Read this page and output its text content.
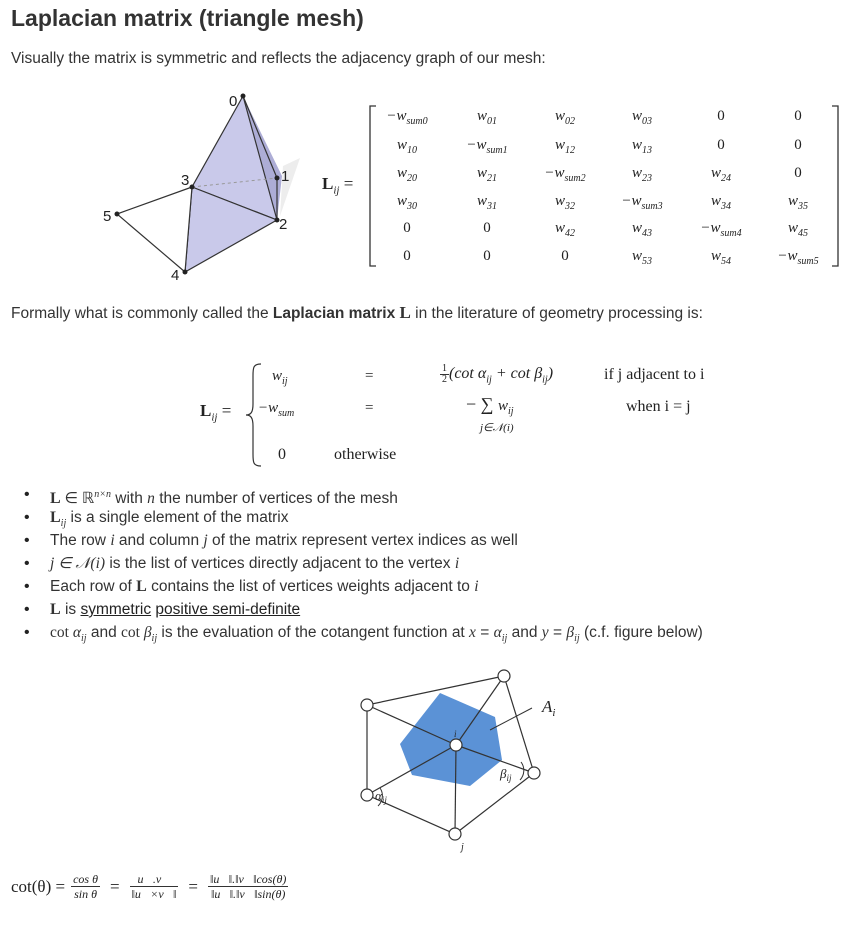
Laplacian matrix (triangle mesh)
Visually the matrix is symmetric and reflects the adjacency graph of our mesh:
0
1
2
3
4
5
$L_{ij}$ =
$-w_{sum0}$	$w_{01}$	$w_{02}$	$w_{03}$	0	0
$w_{10}$	$-w_{sum1}$	$w_{12}$	$w_{13}$	0	0
$w_{20}$	$w_{21}$	$-w_{sum2}$	$w_{23}$	$w_{24}$	0
$w_{30}$	$w_{31}$	$w_{32}$	$-w_{sum3}$	$w_{34}$	$w_{35}$
0	0	$w_{42}$	$w_{43}$	$-w_{sum4}$	$w_{45}$
0	0	0	$w_{53}$	$w_{54}$	$-w_{sum5}$
Formally what is commonly called the Laplacian matrix L in the literature of geometry processing is:
$L_{ij}$ =
$w_{ij}$	=	$\frac{1}{2} (\cot$ $\alpha_{ij} + \cot \beta_{ij}$)	if j adjacent to i
$-w_{sum}$	=	− ∑ $w_{ij}$
j∈𝒩(i)
when i = j
0	otherwise
• L ∈ ℝ$^{n\times n}$ with n the number of vertices of the mesh
• $L_{ij}$ is a single element of the matrix
• The row i and column j of the matrix represent vertex indices as well
• j ∈ 𝒩(i) is the list of vertices directly adjacent to the vertex i
• Each row of L contains the list of vertices weights adjacent to i
• L is symmetric positive semi-definite
• $\cot \alpha_{ij}$ and $\cot \beta_{ij}$ is the evaluation of the cotangent function at $x = \alpha_{ij}$ and $y = \beta_{ij}$ (c.f. figure below)
$A_i$
i
j
$\alpha_{ij}$
$\beta_{ij}$
$\cot(\theta) = \frac{\text{cos θ}}{\text{sin θ}} = \frac{u⃗.v⃗}{‖u⃗\times v⃗‖} = \frac{‖u⃗‖.‖v⃗‖\cos(\theta)}{‖u⃗‖.‖v⃗‖\sin(\theta)}$
